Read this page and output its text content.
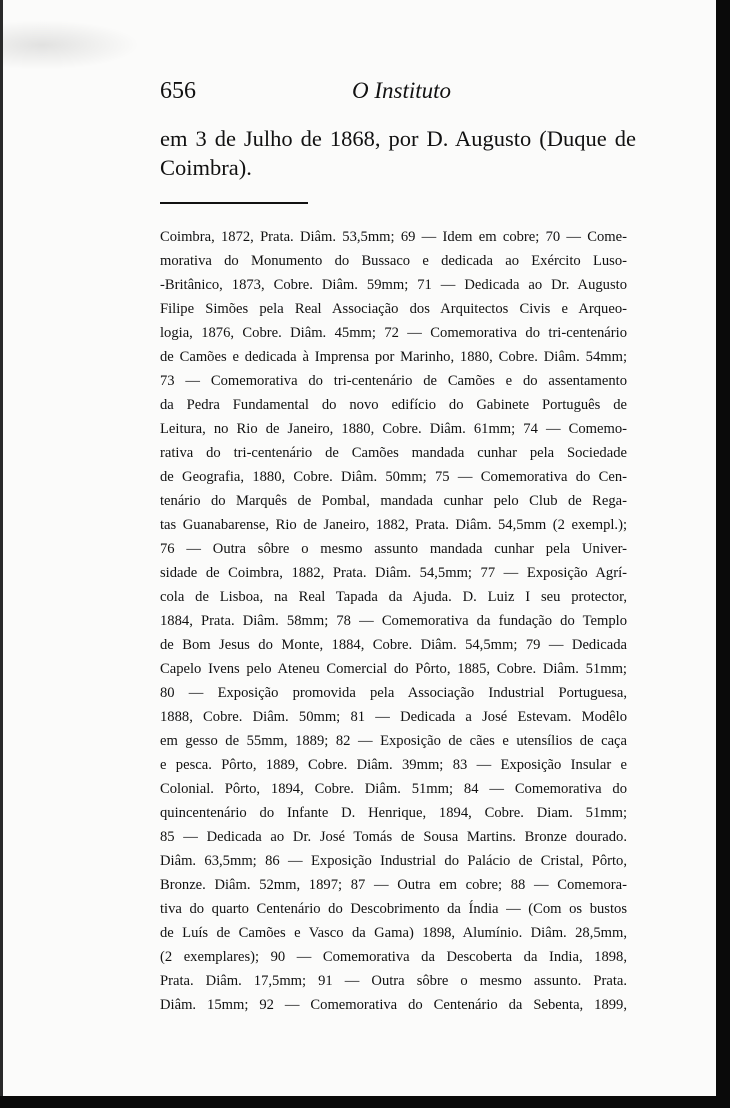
656	O Instituto
em 3 de Julho de 1868, por D. Augusto (Duque de Coimbra).
Coimbra, 1872, Prata. Diâm. 53,5mm; 69 — Idem em cobre; 70 — Come-
morativa do Monumento do Bussaco e dedicada ao Exército Luso-
-Britânico, 1873, Cobre. Diâm. 59mm; 71 — Dedicada ao Dr. Augusto
Filipe Simões pela Real Associação dos Arquitectos Civis e Arqueo-
logia, 1876, Cobre. Diâm. 45mm; 72 — Comemorativa do tri-centenário
de Camões e dedicada à Imprensa por Marinho, 1880, Cobre. Diâm. 54mm;
73 — Comemorativa do tri-centenário de Camões e do assentamento
da Pedra Fundamental do novo edifício do Gabinete Português de
Leitura, no Rio de Janeiro, 1880, Cobre. Diâm. 61mm; 74 — Comemo-
rativa do tri-centenário de Camões mandada cunhar pela Sociedade
de Geografia, 1880, Cobre. Diâm. 50mm; 75 — Comemorativa do Cen-
tenário do Marquês de Pombal, mandada cunhar pelo Club de Rega-
tas Guanabarense, Rio de Janeiro, 1882, Prata. Diâm. 54,5mm (2 exempl.);
76 — Outra sôbre o mesmo assunto mandada cunhar pela Univer-
sidade de Coimbra, 1882, Prata. Diâm. 54,5mm; 77 — Exposição Agrí-
cola de Lisboa, na Real Tapada da Ajuda. D. Luiz I seu protector,
1884, Prata. Diâm. 58mm; 78 — Comemorativa da fundação do Templo
de Bom Jesus do Monte, 1884, Cobre. Diâm. 54,5mm; 79 — Dedicada
Capelo Ivens pelo Ateneu Comercial do Pôrto, 1885, Cobre. Diâm. 51mm;
80 — Exposição promovida pela Associação Industrial Portuguesa,
1888, Cobre. Diâm. 50mm; 81 — Dedicada a José Estevam. Modêlo
em gesso de 55mm, 1889; 82 — Exposição de cães e utensílios de caça
e pesca. Pôrto, 1889, Cobre. Diâm. 39mm; 83 — Exposição Insular e
Colonial. Pôrto, 1894, Cobre. Diâm. 51mm; 84 — Comemorativa do
quincentenário do Infante D. Henrique, 1894, Cobre. Diam. 51mm;
85 — Dedicada ao Dr. José Tomás de Sousa Martins. Bronze dourado.
Diâm. 63,5mm; 86 — Exposição Industrial do Palácio de Cristal, Pôrto,
Bronze. Diâm. 52mm, 1897; 87 — Outra em cobre; 88 — Comemora-
tiva do quarto Centenário do Descobrimento da Índia — (Com os bustos
de Luís de Camões e Vasco da Gama) 1898, Alumínio. Diâm. 28,5mm,
(2 exemplares); 90 — Comemorativa da Descoberta da India, 1898,
Prata. Diâm. 17,5mm; 91 — Outra sôbre o mesmo assunto. Prata.
Diâm. 15mm; 92 — Comemorativa do Centenário da Sebenta, 1899,
